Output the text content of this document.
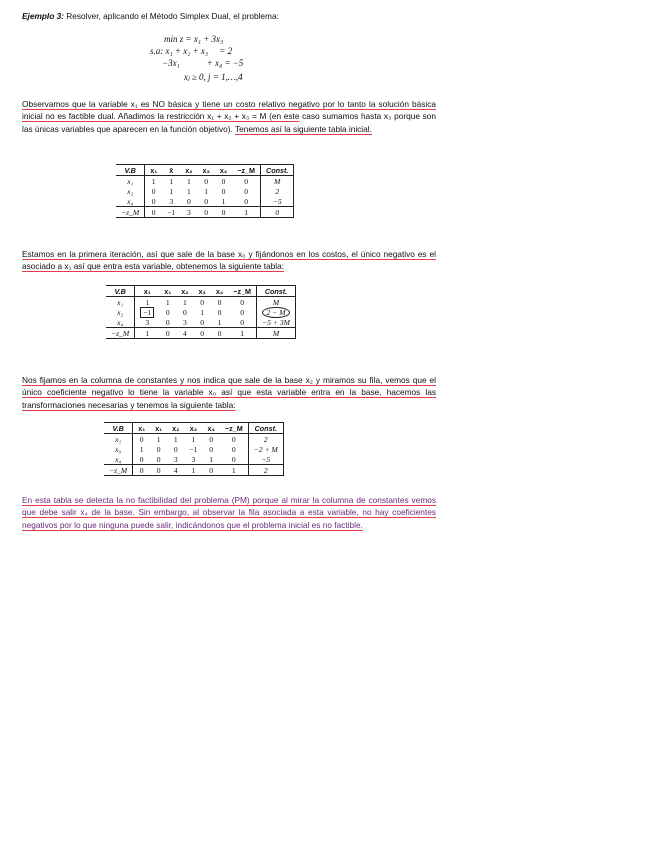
Ejemplo 3: Resolver, aplicando el Método Simplex Dual, el problema:
min z = x₁ + 3x₃
s.a: x₁ + x₂ + x₃     = 2
−3x₁            + x₄ = −5
xⱼ ≥ 0, j = 1,…,4
Observamos que la variable x₁ es NO básica y tiene un costo relativo negativo por lo tanto la solución básica inicial no es factible dual. Añadimos la restricción x₁ + x₂ + x₃ = M (en este caso sumamos hasta x₃ porque son las únicas variables que aparecen en la función objetivo). Tenemos así la siguiente tabla inicial.
V.B	x₁	x̄	x₂	x₃	x₄	−z_M	Const.
x₁	1	1	1	0	0	0	M
x₂	0	1	1	1	0	0	2
x₄	0	3	0	0	1	0	−5
−z_M	0	−1	3	0	0	1	0
Estamos en la primera iteración, así que sale de la base x₀ y fijándonos en los costos, el único negativo es el asociado a x₁ así que entra esta variable, obtenemos la siguiente tabla:
V.B	x₁	x₁	x₂	x₃	x₄	−z_M	Const.
x₁	1	1	1	0	0	0	M
x₂	−1	0	0	1	0	0	2 − M
x₄	3	0	3	0	1	0	−5 + 3M
−z_M	1	0	4	0	0	1	M
Nos fijamos en la columna de constantes y nos indica que sale de la base x₂ y miramos su fila, vemos que el único coeficiente negativo lo tiene la variable x₀ así que esta variable entra en la base, hacemos las transformaciones necesarias y tenemos la siguiente tabla:
V.B	x₁	x₁	x₂	x₃	x₄	−z_M	Const.
x₁	0	1	1	1	0	0	2
x₀	1	0	0	−1	0	0	−2 + M
x₄	0	0	3	3	1	0	−5
−z_M	0	0	4	1	0	1	2
En esta tabla se detecta la no factibilidad del problema (PM) porque al mirar la columna de constantes vemos que debe salir x₄ de la base. Sin embargo, al observar la fila asociada a esta variable, no hay coeficientes negativos por lo que ninguna puede salir, indicándonos que el problema inicial es no factible.
